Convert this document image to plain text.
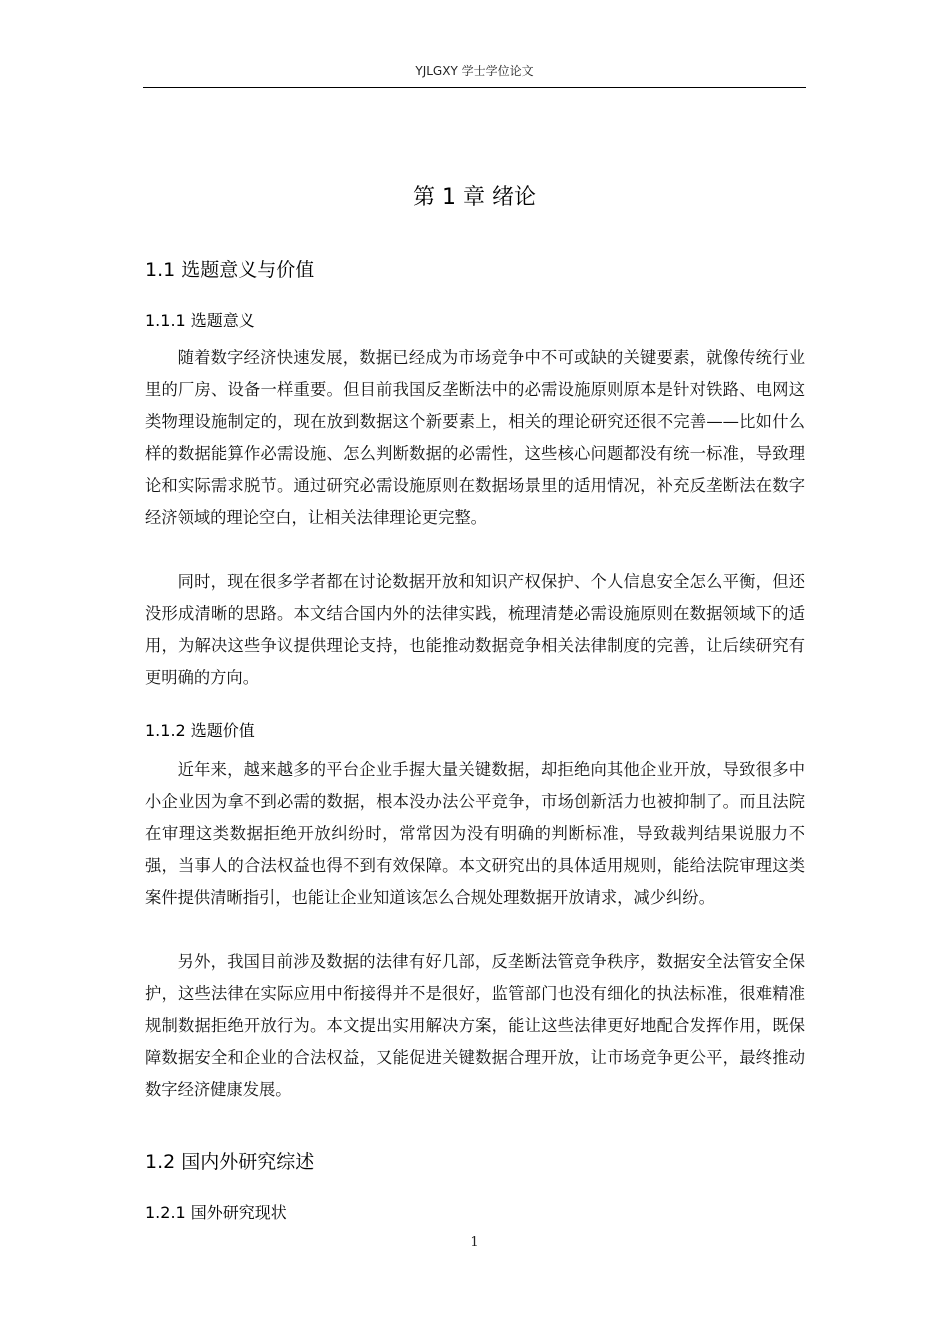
YJLGXY 学士学位论文
第 1 章 绪论
1.1 选题意义与价值
1.1.1 选题意义

随着数字经济快速发展，数据已经成为市场竞争中不可或缺的关键要素，就像传统行业里的厂房、设备一样重要。但目前我国反垄断法中的必需设施原则原本是针对铁路、电网这类物理设施制定的，现在放到数据这个新要素上，相关的理论研究还很不完善——比如什么样的数据能算作必需设施、怎么判断数据的必需性，这些核心问题都没有统一标准，导致理论和实际需求脱节。通过研究必需设施原则在数据场景里的适用情况，补充反垄断法在数字经济领域的理论空白，让相关法律理论更完整。

同时，现在很多学者都在讨论数据开放和知识产权保护、个人信息安全怎么平衡，但还没形成清晰的思路。本文结合国内外的法律实践，梳理清楚必需设施原则在数据领域下的适用，为解决这些争议提供理论支持，也能推动数据竞争相关法律制度的完善，让后续研究有更明确的方向。

1.1.2 选题价值

近年来，越来越多的平台企业手握大量关键数据，却拒绝向其他企业开放，导致很多中小企业因为拿不到必需的数据，根本没办法公平竞争，市场创新活力也被抑制了。而且法院在审理这类数据拒绝开放纠纷时，常常因为没有明确的判断标准，导致裁判结果说服力不强，当事人的合法权益也得不到有效保障。本文研究出的具体适用规则，能给法院审理这类案件提供清晰指引，也能让企业知道该怎么合规处理数据开放请求，减少纠纷。

另外，我国目前涉及数据的法律有好几部，反垄断法管竞争秩序，数据安全法管安全保护，这些法律在实际应用中衔接得并不是很好，监管部门也没有细化的执法标准，很难精准规制数据拒绝开放行为。本文提出实用解决方案，能让这些法律更好地配合发挥作用，既保障数据安全和企业的合法权益，又能促进关键数据合理开放，让市场竞争更公平，最终推动数字经济健康发展。

1.2 国内外研究综述
1.2.1 国外研究现状
1
